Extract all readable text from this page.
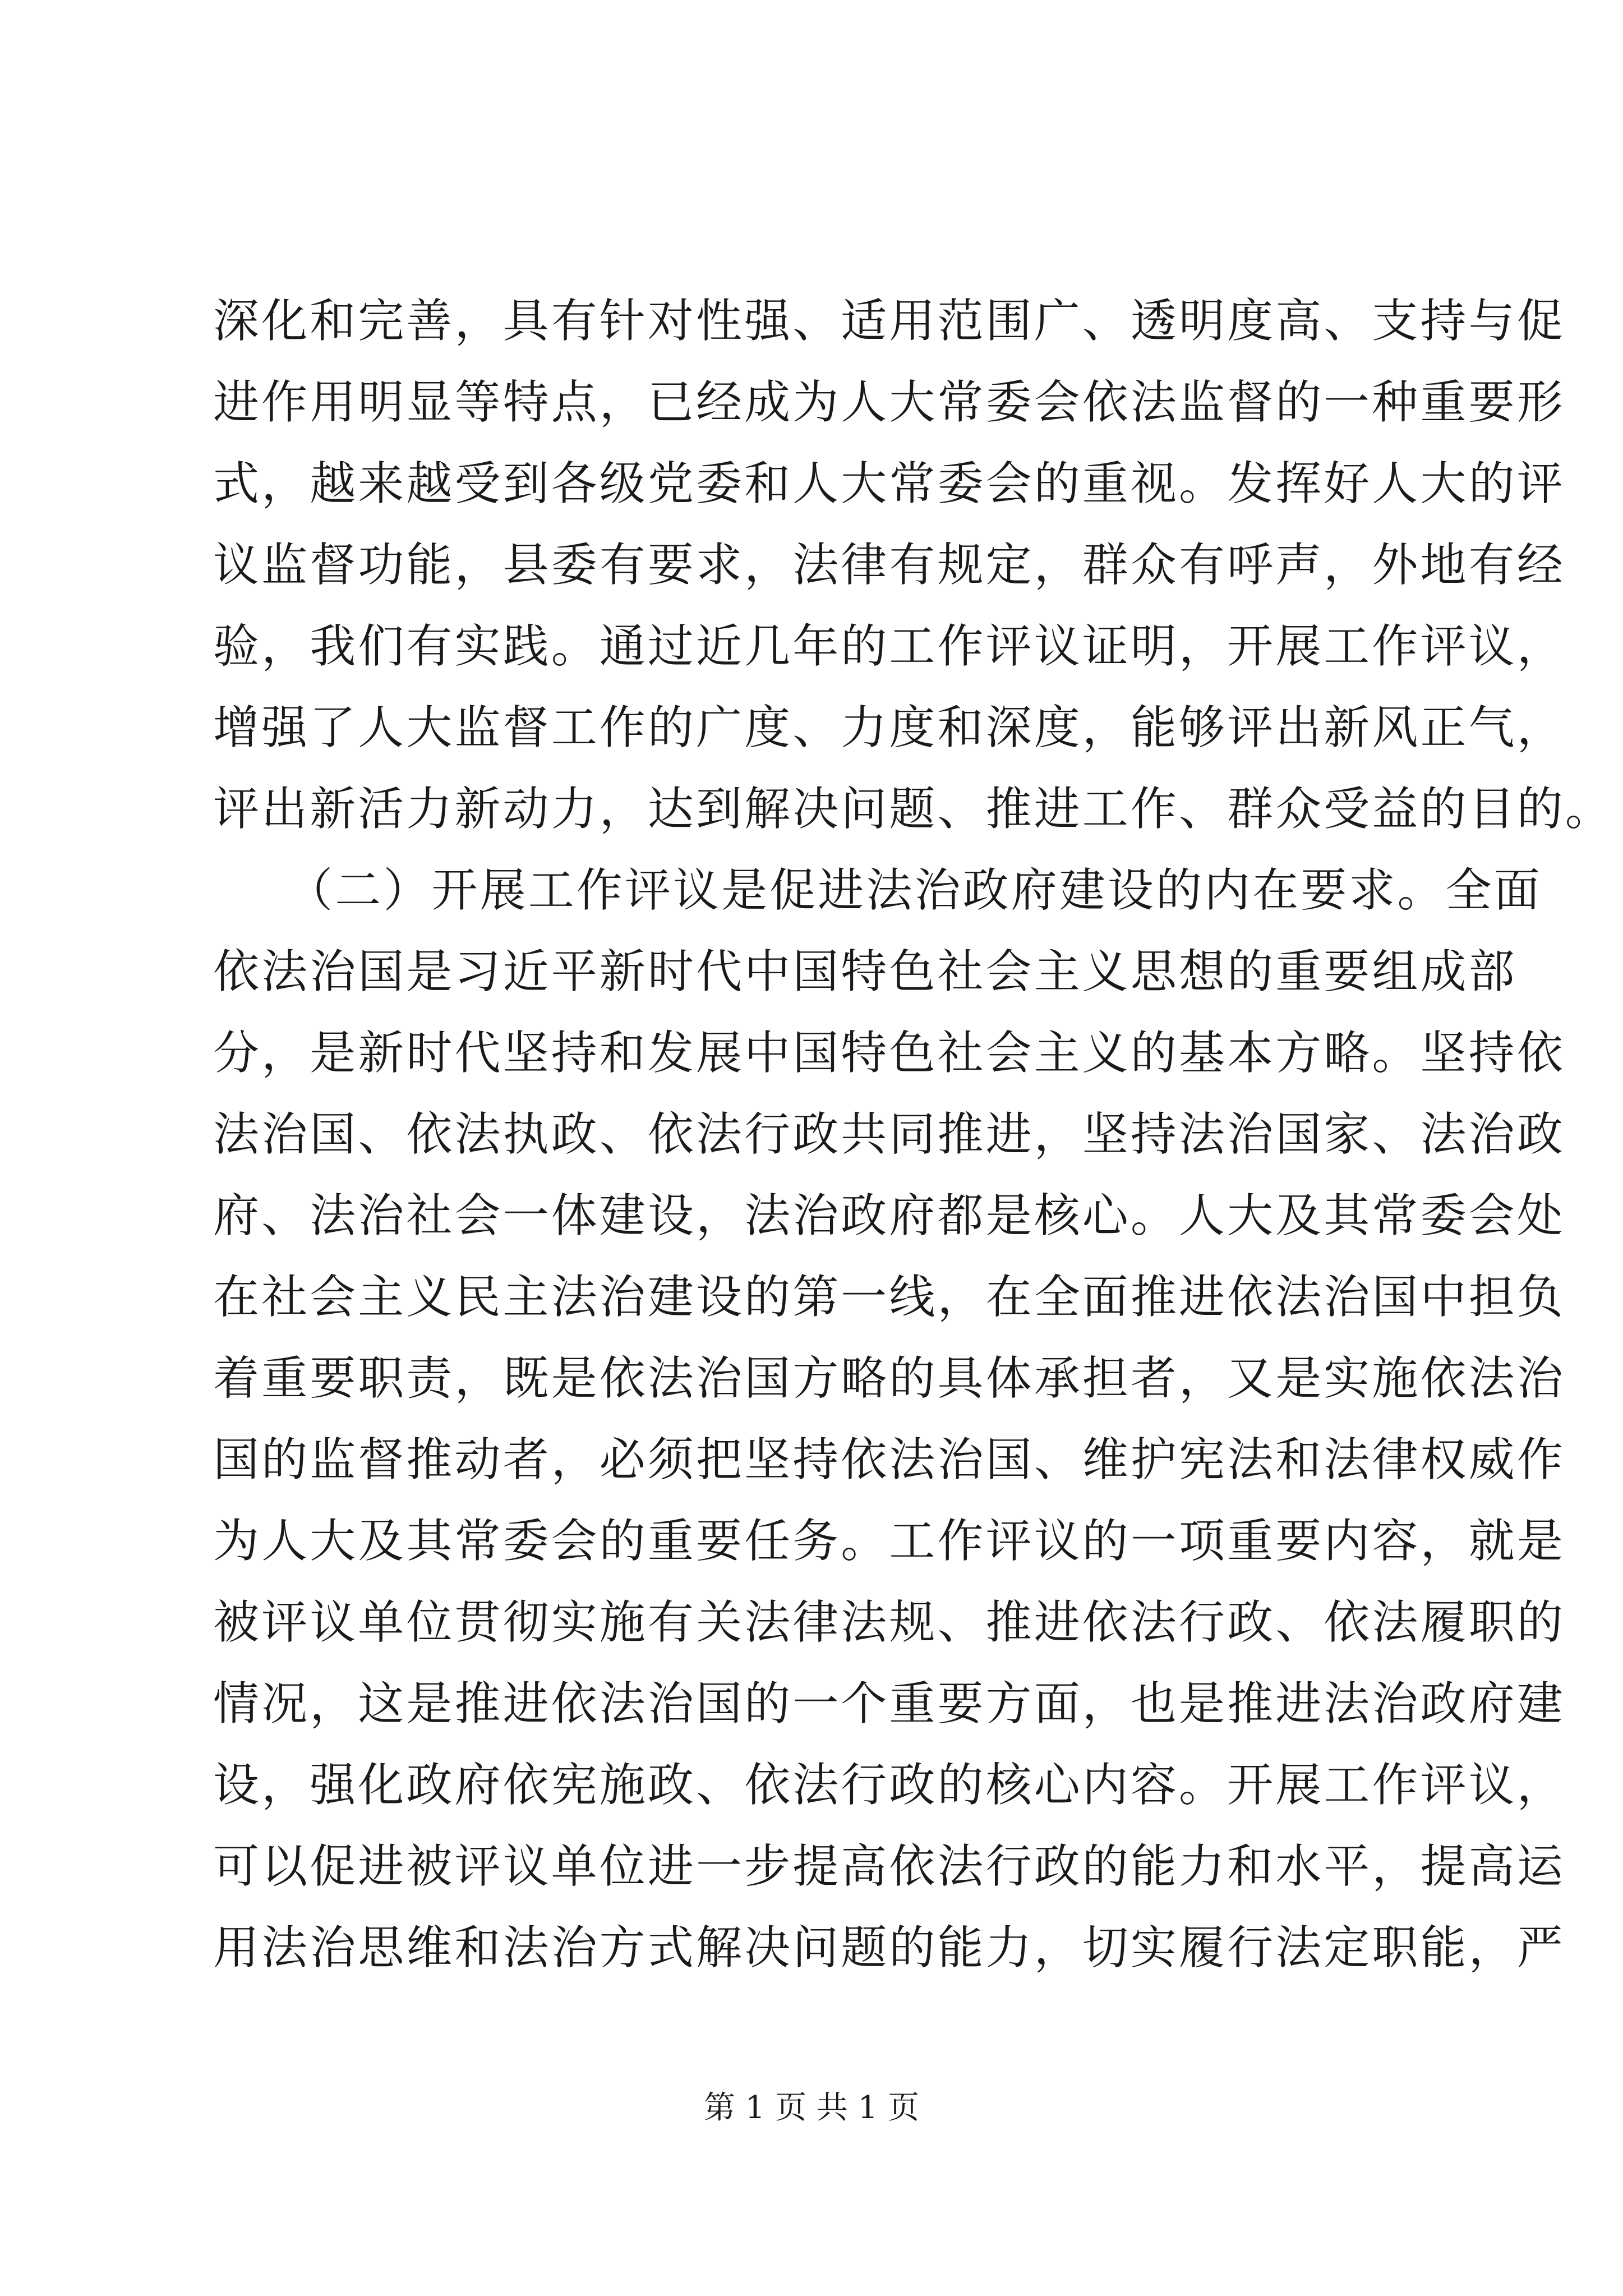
深化和完善，具有针对性强、适用范围广、透明度高、支持与促
进作用明显等特点，已经成为人大常委会依法监督的一种重要形
式，越来越受到各级党委和人大常委会的重视。发挥好人大的评
议监督功能，县委有要求，法律有规定，群众有呼声，外地有经
验，我们有实践。通过近几年的工作评议证明，开展工作评议，
增强了人大监督工作的广度、力度和深度，能够评出新风正气，
评出新活力新动力，达到解决问题、推进工作、群众受益的目的。
　　（二）开展工作评议是促进法治政府建设的内在要求。全面
依法治国是习近平新时代中国特色社会主义思想的重要组成部
分，是新时代坚持和发展中国特色社会主义的基本方略。坚持依
法治国、依法执政、依法行政共同推进，坚持法治国家、法治政
府、法治社会一体建设，法治政府都是核心。人大及其常委会处
在社会主义民主法治建设的第一线，在全面推进依法治国中担负
着重要职责，既是依法治国方略的具体承担者，又是实施依法治
国的监督推动者，必须把坚持依法治国、维护宪法和法律权威作
为人大及其常委会的重要任务。工作评议的一项重要内容，就是
被评议单位贯彻实施有关法律法规、推进依法行政、依法履职的
情况，这是推进依法治国的一个重要方面，也是推进法治政府建
设，强化政府依宪施政、依法行政的核心内容。开展工作评议，
可以促进被评议单位进一步提高依法行政的能力和水平，提高运
用法治思维和法治方式解决问题的能力，切实履行法定职能，严
第 1 页 共 1 页
